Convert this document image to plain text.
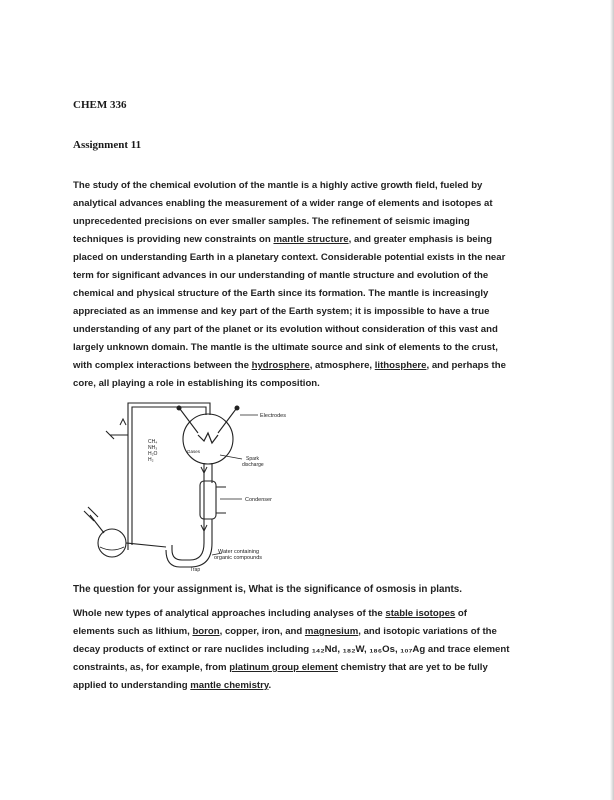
CHEM 336
Assignment 11
The study of the chemical evolution of the mantle is a highly active growth field, fueled by
analytical advances enabling the measurement of a wider range of elements and isotopes at
unprecedented precisions on ever smaller samples. The refinement of seismic imaging
techniques is providing new constraints on mantle structure, and greater emphasis is being
placed on understanding Earth in a planetary context. Considerable potential exists in the near
term for significant advances in our understanding of mantle structure and evolution of the
chemical and physical structure of the Earth since its formation. The mantle is increasingly
appreciated as an immense and key part of the Earth system; it is impossible to have a true
understanding of any part of the planet or its evolution without consideration of this vast and
largely unknown domain. The mantle is the ultimate source and sink of elements to the crust,
with complex interactions between the hydrosphere, atmosphere, lithosphere, and perhaps the
core, all playing a role in establishing its composition.
Electrodes
CH₄
NH₃
H₂O
H₂
Gases
Spark
discharge
Condenser
Water containing
organic compounds
Trap
The question for your assignment is, What is the significance of osmosis in plants.
Whole new types of analytical approaches including analyses of the stable isotopes of
elements such as lithium, boron, copper, iron, and magnesium, and isotopic variations of the
decay products of extinct or rare nuclides including ₁₄₂Nd, ₁₈₂W, ₁₈₆Os, ₁₀₇Ag and trace element
constraints, as, for example, from platinum group element chemistry that are yet to be fully
applied to understanding mantle chemistry.
